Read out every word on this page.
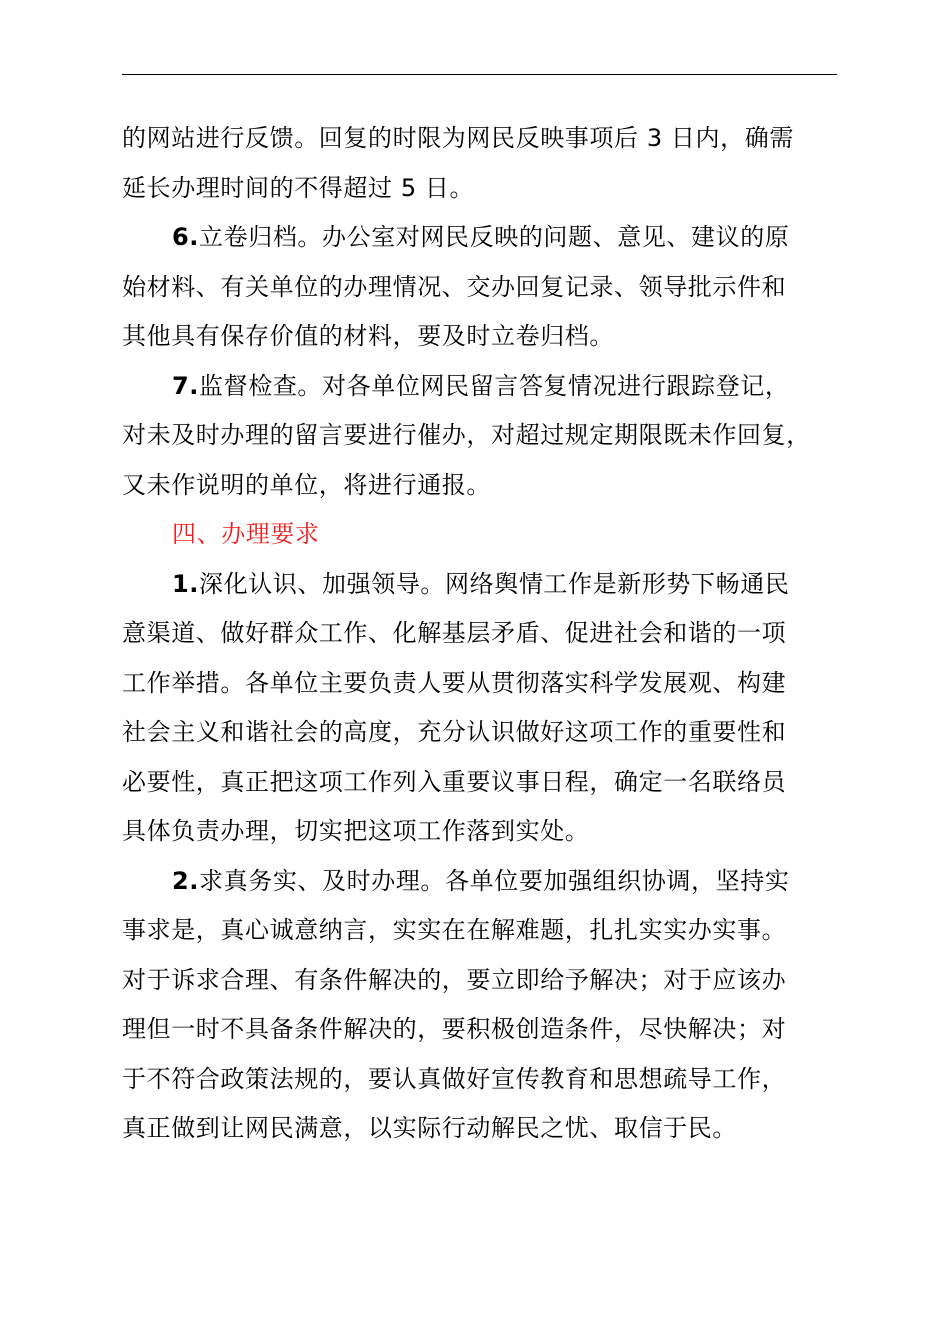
的网站进行反馈。回复的时限为网民反映事项后 3 日内，确需
延长办理时间的不得超过 5 日。

6.立卷归档。办公室对网民反映的问题、意见、建议的原
始材料、有关单位的办理情况、交办回复记录、领导批示件和
其他具有保存价值的材料，要及时立卷归档。

7.监督检查。对各单位网民留言答复情况进行跟踪登记，
对未及时办理的留言要进行催办，对超过规定期限既未作回复，
又未作说明的单位，将进行通报。

四、办理要求

1.深化认识、加强领导。网络舆情工作是新形势下畅通民
意渠道、做好群众工作、化解基层矛盾、促进社会和谐的一项
工作举措。各单位主要负责人要从贯彻落实科学发展观、构建
社会主义和谐社会的高度，充分认识做好这项工作的重要性和
必要性，真正把这项工作列入重要议事日程，确定一名联络员
具体负责办理，切实把这项工作落到实处。

2.求真务实、及时办理。各单位要加强组织协调，坚持实
事求是，真心诚意纳言，实实在在解难题，扎扎实实办实事。
对于诉求合理、有条件解决的，要立即给予解决；对于应该办
理但一时不具备条件解决的，要积极创造条件，尽快解决；对
于不符合政策法规的，要认真做好宣传教育和思想疏导工作，
真正做到让网民满意，以实际行动解民之忧、取信于民。
